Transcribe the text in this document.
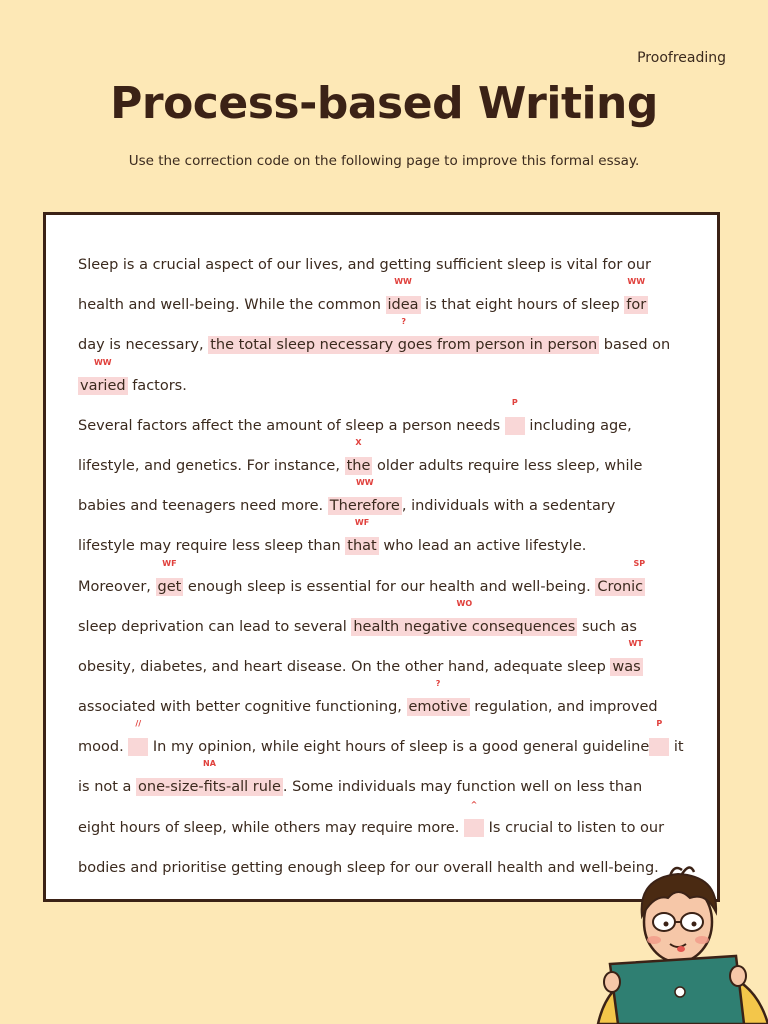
Proofreading
Process-based Writing
Use the correction code on the following page to improve this formal essay.
Sleep is a crucial aspect of our lives, and getting sufficient sleep is vital for our
health and well-being. While the common idea
WW
is that eight hours of sleep for
WW
day is necessary, the total sleep necessary goes from person in person
?
based on
varied
WW
factors.
Several factors affect the amount of sleep a person needs
P
including age,
lifestyle, and genetics. For instance, the
X
older adults require less sleep, while
babies and teenagers need more. Therefore
WW
, individuals with a sedentary
lifestyle may require less sleep than that
WF
who lead an active lifestyle.
Moreover, get
WF
enough sleep is essential for our health and well-being. Cronic
SP
sleep deprivation can lead to several health negative consequences
WO
such as
obesity, diabetes, and heart disease. On the other hand, adequate sleep was
WT
associated with better cognitive functioning, emotive
?
regulation, and improved
mood.
//
In my opinion, while eight hours of sleep is a good general guideline
P
it
is not a one-size-fits-all rule
NA
. Some individuals may function well on less than
eight hours of sleep, while others may require more.
^
Is crucial to listen to our
bodies and prioritise getting enough sleep for our overall health and well-being.
